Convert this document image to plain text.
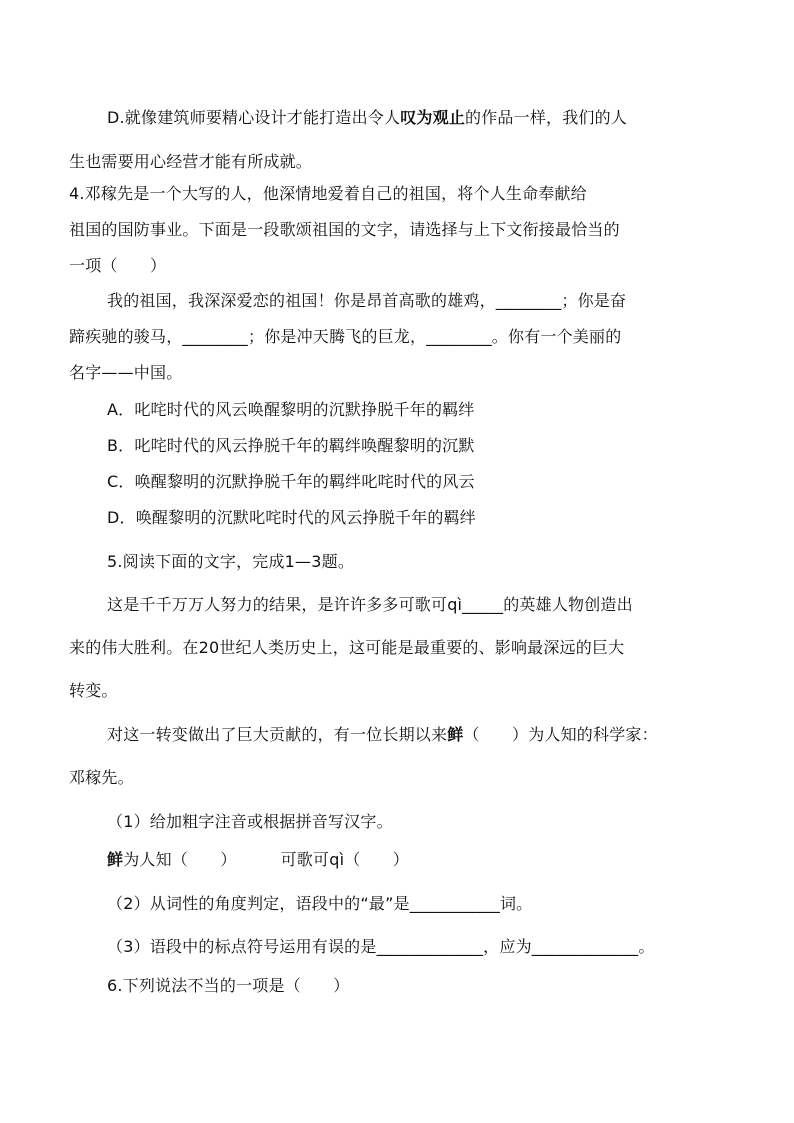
D.就像建筑师要精心设计才能打造出令人叹为观止的作品一样，我们的人
生也需要用心经营才能有所成就。
4.邓稼先是一个大写的人，他深情地爱着自己的祖国，将个人生命奉献给
祖国的国防事业。下面是一段歌颂祖国的文字，请选择与上下文衔接最恰当的
一项（　　）
我的祖国，我深深爱恋的祖国！你是昂首高歌的雄鸡，________；你是奋
蹄疾驰的骏马，________；你是冲天腾飞的巨龙，________。你有一个美丽的
名字——中国。
A．叱咤时代的风云唤醒黎明的沉默挣脱千年的羁绊
B．叱咤时代的风云挣脱千年的羁绊唤醒黎明的沉默
C．唤醒黎明的沉默挣脱千年的羁绊叱咤时代的风云
D．唤醒黎明的沉默叱咤时代的风云挣脱千年的羁绊
5.阅读下面的文字，完成1—3题。
这是千千万万人努力的结果，是许许多多可歌可qì_____的英雄人物创造出
来的伟大胜利。在20世纪人类历史上，这可能是最重要的、影响最深远的巨大
转变。
对这一转变做出了巨大贡献的，有一位长期以来鲜（　　）为人知的科学家：
邓稼先。
（1）给加粗字注音或根据拼音写汉字。
鲜为人知（　　）	可歌可qì（　　）
（2）从词性的角度判定，语段中的“最”是___________词。
（3）语段中的标点符号运用有误的是_____________，应为_____________。
6.下列说法不当的一项是（　　）
